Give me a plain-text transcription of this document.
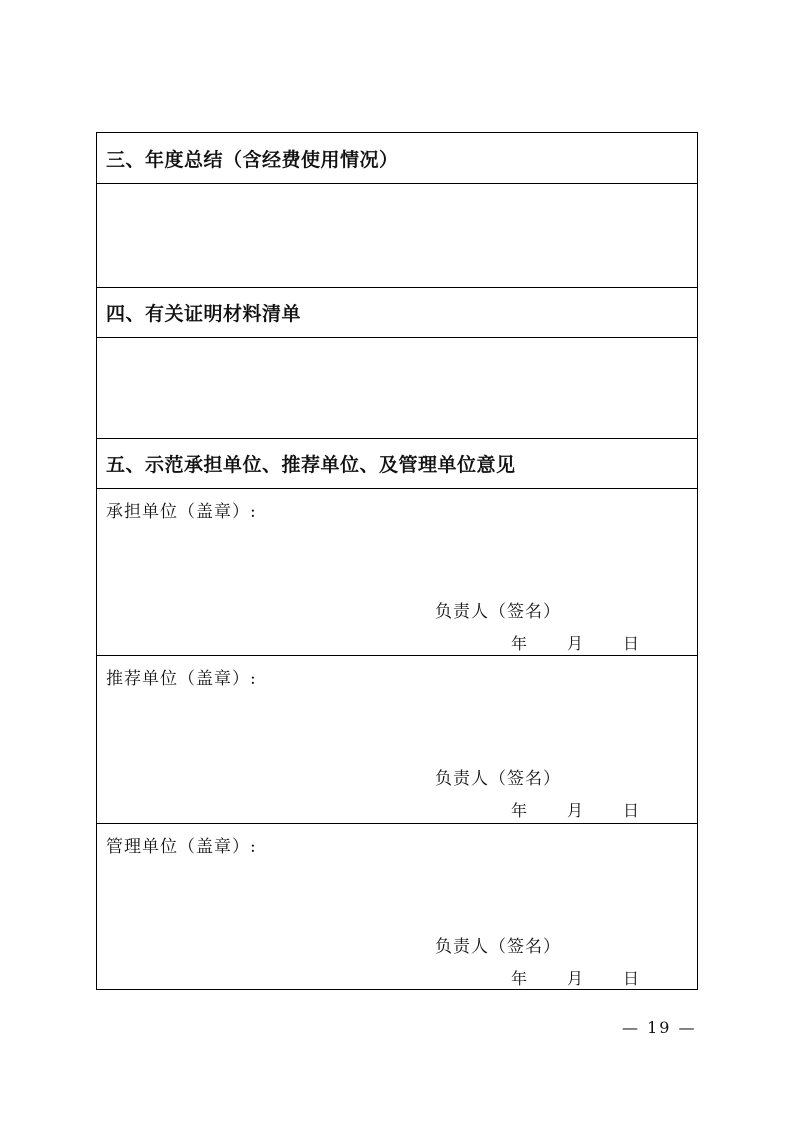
三、年度总结（含经费使用情况）
四、有关证明材料清单
五、示范承担单位、推荐单位、及管理单位意见
承担单位（盖章）:
负责人（签名）
年 月 日
推荐单位（盖章）:
负责人（签名）
年 月 日
管理单位（盖章）:
负责人（签名）
年 月 日
— 19 —
